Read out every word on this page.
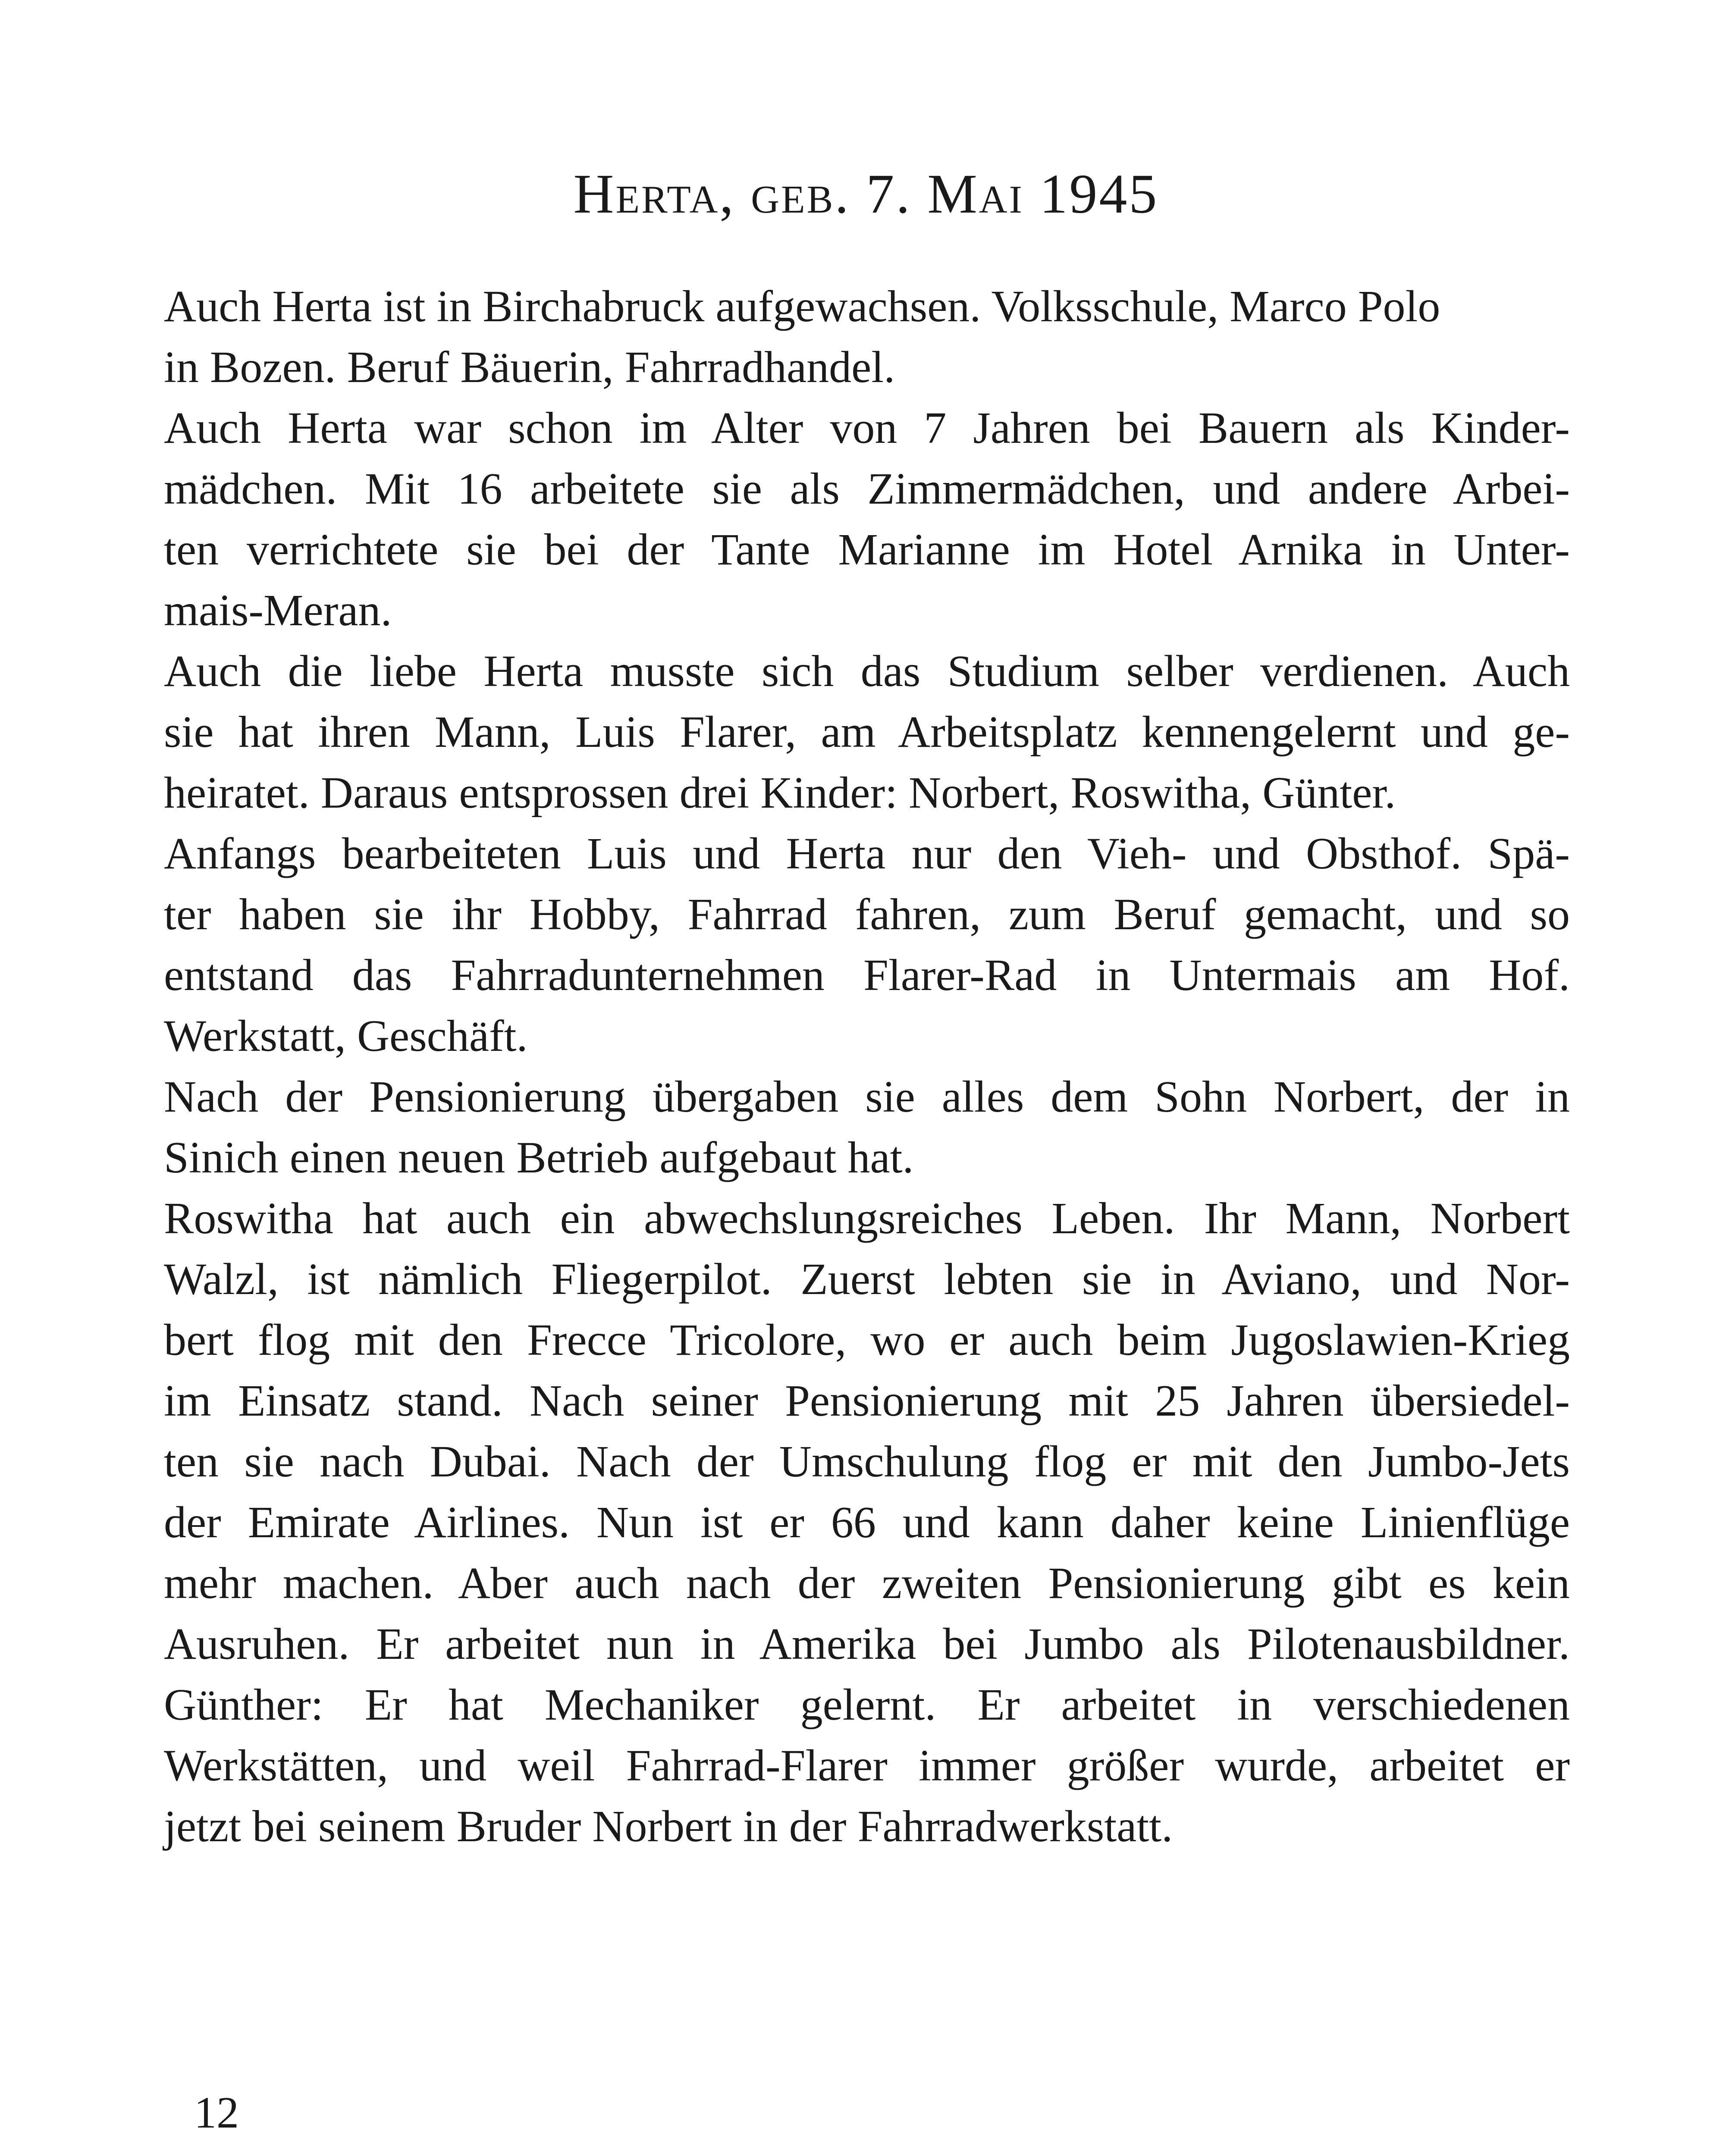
Herta, geb. 7. Mai 1945
Auch Herta ist in Birchabruck aufgewachsen. Volksschule, Marco Polo
in Bozen. Beruf Bäuerin, Fahrradhandel.
Auch Herta war schon im Alter von 7 Jahren bei Bauern als Kinder-
mädchen. Mit 16 arbeitete sie als Zimmermädchen, und andere Arbei-
ten verrichtete sie bei der Tante Marianne im Hotel Arnika in Unter-
mais-Meran.
Auch die liebe Herta musste sich das Studium selber verdienen. Auch
sie hat ihren Mann, Luis Flarer, am Arbeitsplatz kennengelernt und ge-
heiratet. Daraus entsprossen drei Kinder: Norbert, Roswitha, Günter.
Anfangs bearbeiteten Luis und Herta nur den Vieh- und Obsthof. Spä-
ter haben sie ihr Hobby, Fahrrad fahren, zum Beruf gemacht, und so
entstand das Fahrradunternehmen Flarer-Rad in Untermais am Hof.
Werkstatt, Geschäft.
Nach der Pensionierung übergaben sie alles dem Sohn Norbert, der in
Sinich einen neuen Betrieb aufgebaut hat.
Roswitha hat auch ein abwechslungsreiches Leben. Ihr Mann, Norbert
Walzl, ist nämlich Fliegerpilot. Zuerst lebten sie in Aviano, und Nor-
bert flog mit den Frecce Tricolore, wo er auch beim Jugoslawien-Krieg
im Einsatz stand. Nach seiner Pensionierung mit 25 Jahren übersiedel-
ten sie nach Dubai. Nach der Umschulung flog er mit den Jumbo-Jets
der Emirate Airlines. Nun ist er 66 und kann daher keine Linienflüge
mehr machen. Aber auch nach der zweiten Pensionierung gibt es kein
Ausruhen. Er arbeitet nun in Amerika bei Jumbo als Pilotenausbildner.
Günther: Er hat Mechaniker gelernt. Er arbeitet in verschiedenen
Werkstätten, und weil Fahrrad-Flarer immer größer wurde, arbeitet er
jetzt bei seinem Bruder Norbert in der Fahrradwerkstatt.
12
